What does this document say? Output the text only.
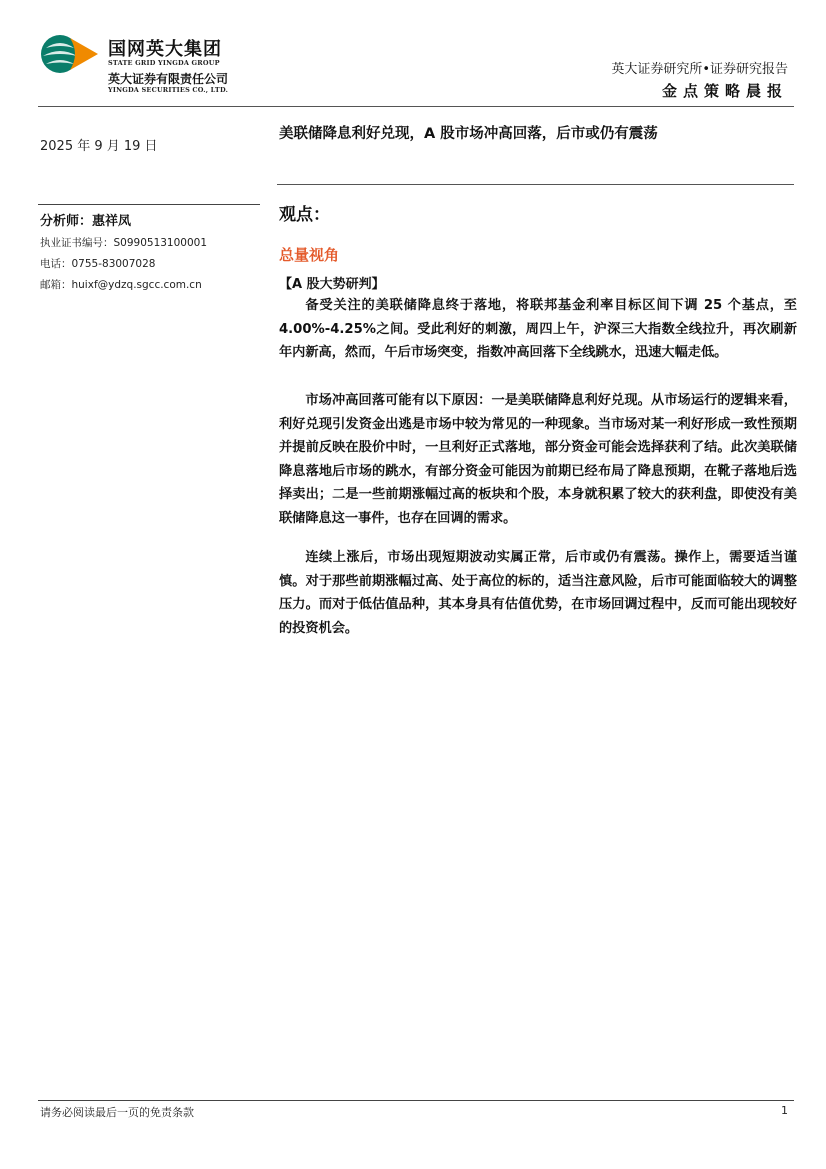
国网英大集团
STATE GRID YINGDA GROUP
英大证券有限责任公司
YINGDA SECURITIES CO., LTD.
英大证券研究所•证券研究报告
金点策略晨报
2025 年 9 月 19 日
分析师：惠祥凤
执业证书编号：S0990513100001
电话：0755-83007028
邮箱：huixf@ydzq.sgcc.com.cn
美联储降息利好兑现，A 股市场冲高回落，后市或仍有震荡
观点：
总量视角
【A 股大势研判】

备受关注的美联储降息终于落地，将联邦基金利率目标区间下调 25 个基点，至 4.00%-4.25%之间。受此利好的刺激，周四上午，沪深三大指数全线拉升，再次刷新年内新高，然而，午后市场突变，指数冲高回落下全线跳水，迅速大幅走低。

市场冲高回落可能有以下原因：一是美联储降息利好兑现。从市场运行的逻辑来看，利好兑现引发资金出逃是市场中较为常见的一种现象。当市场对某一利好形成一致性预期并提前反映在股价中时，一旦利好正式落地，部分资金可能会选择获利了结。此次美联储降息落地后市场的跳水，有部分资金可能因为前期已经布局了降息预期，在靴子落地后选择卖出；二是一些前期涨幅过高的板块和个股，本身就积累了较大的获利盘，即使没有美联储降息这一事件，也存在回调的需求。

连续上涨后，市场出现短期波动实属正常，后市或仍有震荡。操作上，需要适当谨慎。对于那些前期涨幅过高、处于高位的标的，适当注意风险，后市可能面临较大的调整压力。而对于低估值品种，其本身具有估值优势，在市场回调过程中，反而可能出现较好的投资机会。

请务必阅读最后一页的免责条款	1
